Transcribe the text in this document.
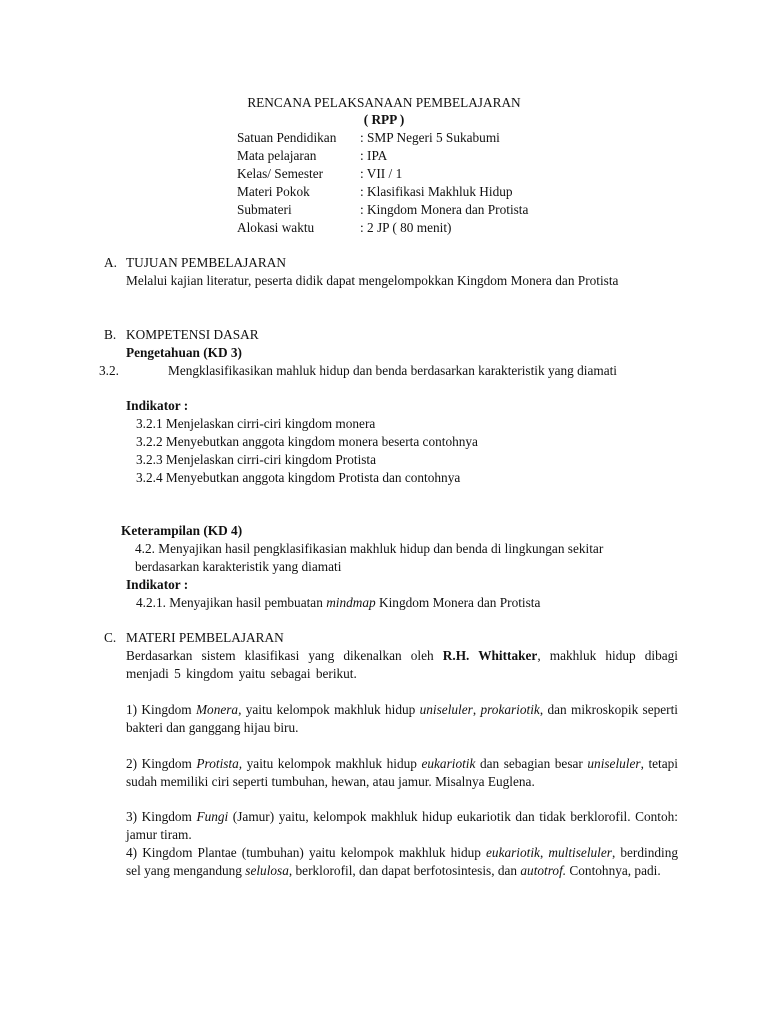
RENCANA PELAKSANAAN PEMBELAJARAN
( RPP )
Satuan Pendidikan : SMP Negeri 5 Sukabumi
Mata pelajaran	: IPA
Kelas/ Semester	: VII / 1
Materi Pokok	: Klasifikasi Makhluk Hidup
Submateri	: Kingdom Monera dan Protista
Alokasi waktu	: 2 JP ( 80 menit)
A. TUJUAN PEMBELAJARAN
Melalui kajian literatur, peserta didik dapat mengelompokkan Kingdom Monera dan Protista
B. KOMPETENSI DASAR
Pengetahuan (KD 3)
3.2.	Mengklasifikasikan mahluk hidup dan benda berdasarkan karakteristik yang diamati
Indikator :
3.2.1 Menjelaskan cirri-ciri kingdom monera
3.2.2 Menyebutkan anggota kingdom monera beserta contohnya
3.2.3 Menjelaskan cirri-ciri kingdom Protista
3.2.4 Menyebutkan anggota kingdom Protista dan contohnya
Keterampilan (KD 4)
4.2. Menyajikan hasil pengklasifikasian makhluk hidup dan benda di lingkungan sekitar berdasarkan karakteristik yang diamati
Indikator :
4.2.1. Menyajikan hasil pembuatan mindmap Kingdom Monera dan Protista
C. MATERI PEMBELAJARAN
Berdasarkan sistem klasifikasi yang dikenalkan oleh R.H. Whittaker, makhluk hidup dibagi menjadi 5 kingdom yaitu sebagai berikut.
1) Kingdom Monera, yaitu kelompok makhluk hidup uniseluler, prokariotik, dan mikroskopik seperti bakteri dan ganggang hijau biru.
2) Kingdom Protista, yaitu kelompok makhluk hidup eukariotik dan sebagian besar uniseluler, tetapi sudah memiliki ciri seperti tumbuhan, hewan, atau jamur. Misalnya Euglena.
3) Kingdom Fungi (Jamur) yaitu, kelompok makhluk hidup eukariotik dan tidak berklorofil. Contoh: jamur tiram.
4) Kingdom Plantae (tumbuhan) yaitu kelompok makhluk hidup eukariotik, multiseluler, berdinding sel yang mengandung selulosa, berklorofil, dan dapat berfotosintesis, dan autotrof. Contohnya, padi.
